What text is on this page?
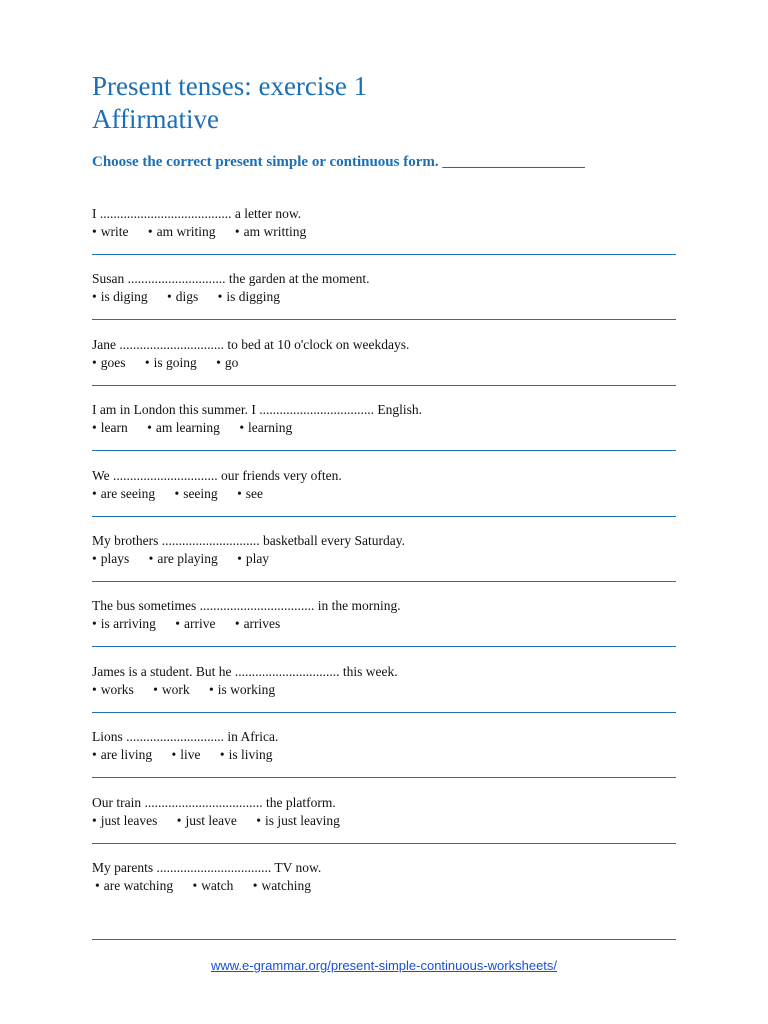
Present tenses: exercise 1
Affirmative

Choose the correct present simple or continuous form. ___________________

I ....................................... a letter now.
• write • am writing • am writting
Susan ............................. the garden at the moment.
• is diging • digs • is digging
Jane ............................... to bed at 10 o'clock on weekdays.
• goes • is going • go
I am in London this summer. I .................................. English.
• learn • am learning • learning
We ............................... our friends very often.
• are seeing • seeing • see
My brothers ............................. basketball every Saturday.
• plays • are playing • play
The bus sometimes .................................. in the morning.
• is arriving • arrive • arrives
James is a student. But he ............................... this week.
• works • work • is working
Lions ............................. in Africa.
• are living • live • is living
Our train ................................... the platform.
• just leaves • just leave • is just leaving
My parents .................................. TV now.
• are watching • watch • watching
www.e-grammar.org/present-simple-continuous-worksheets/
